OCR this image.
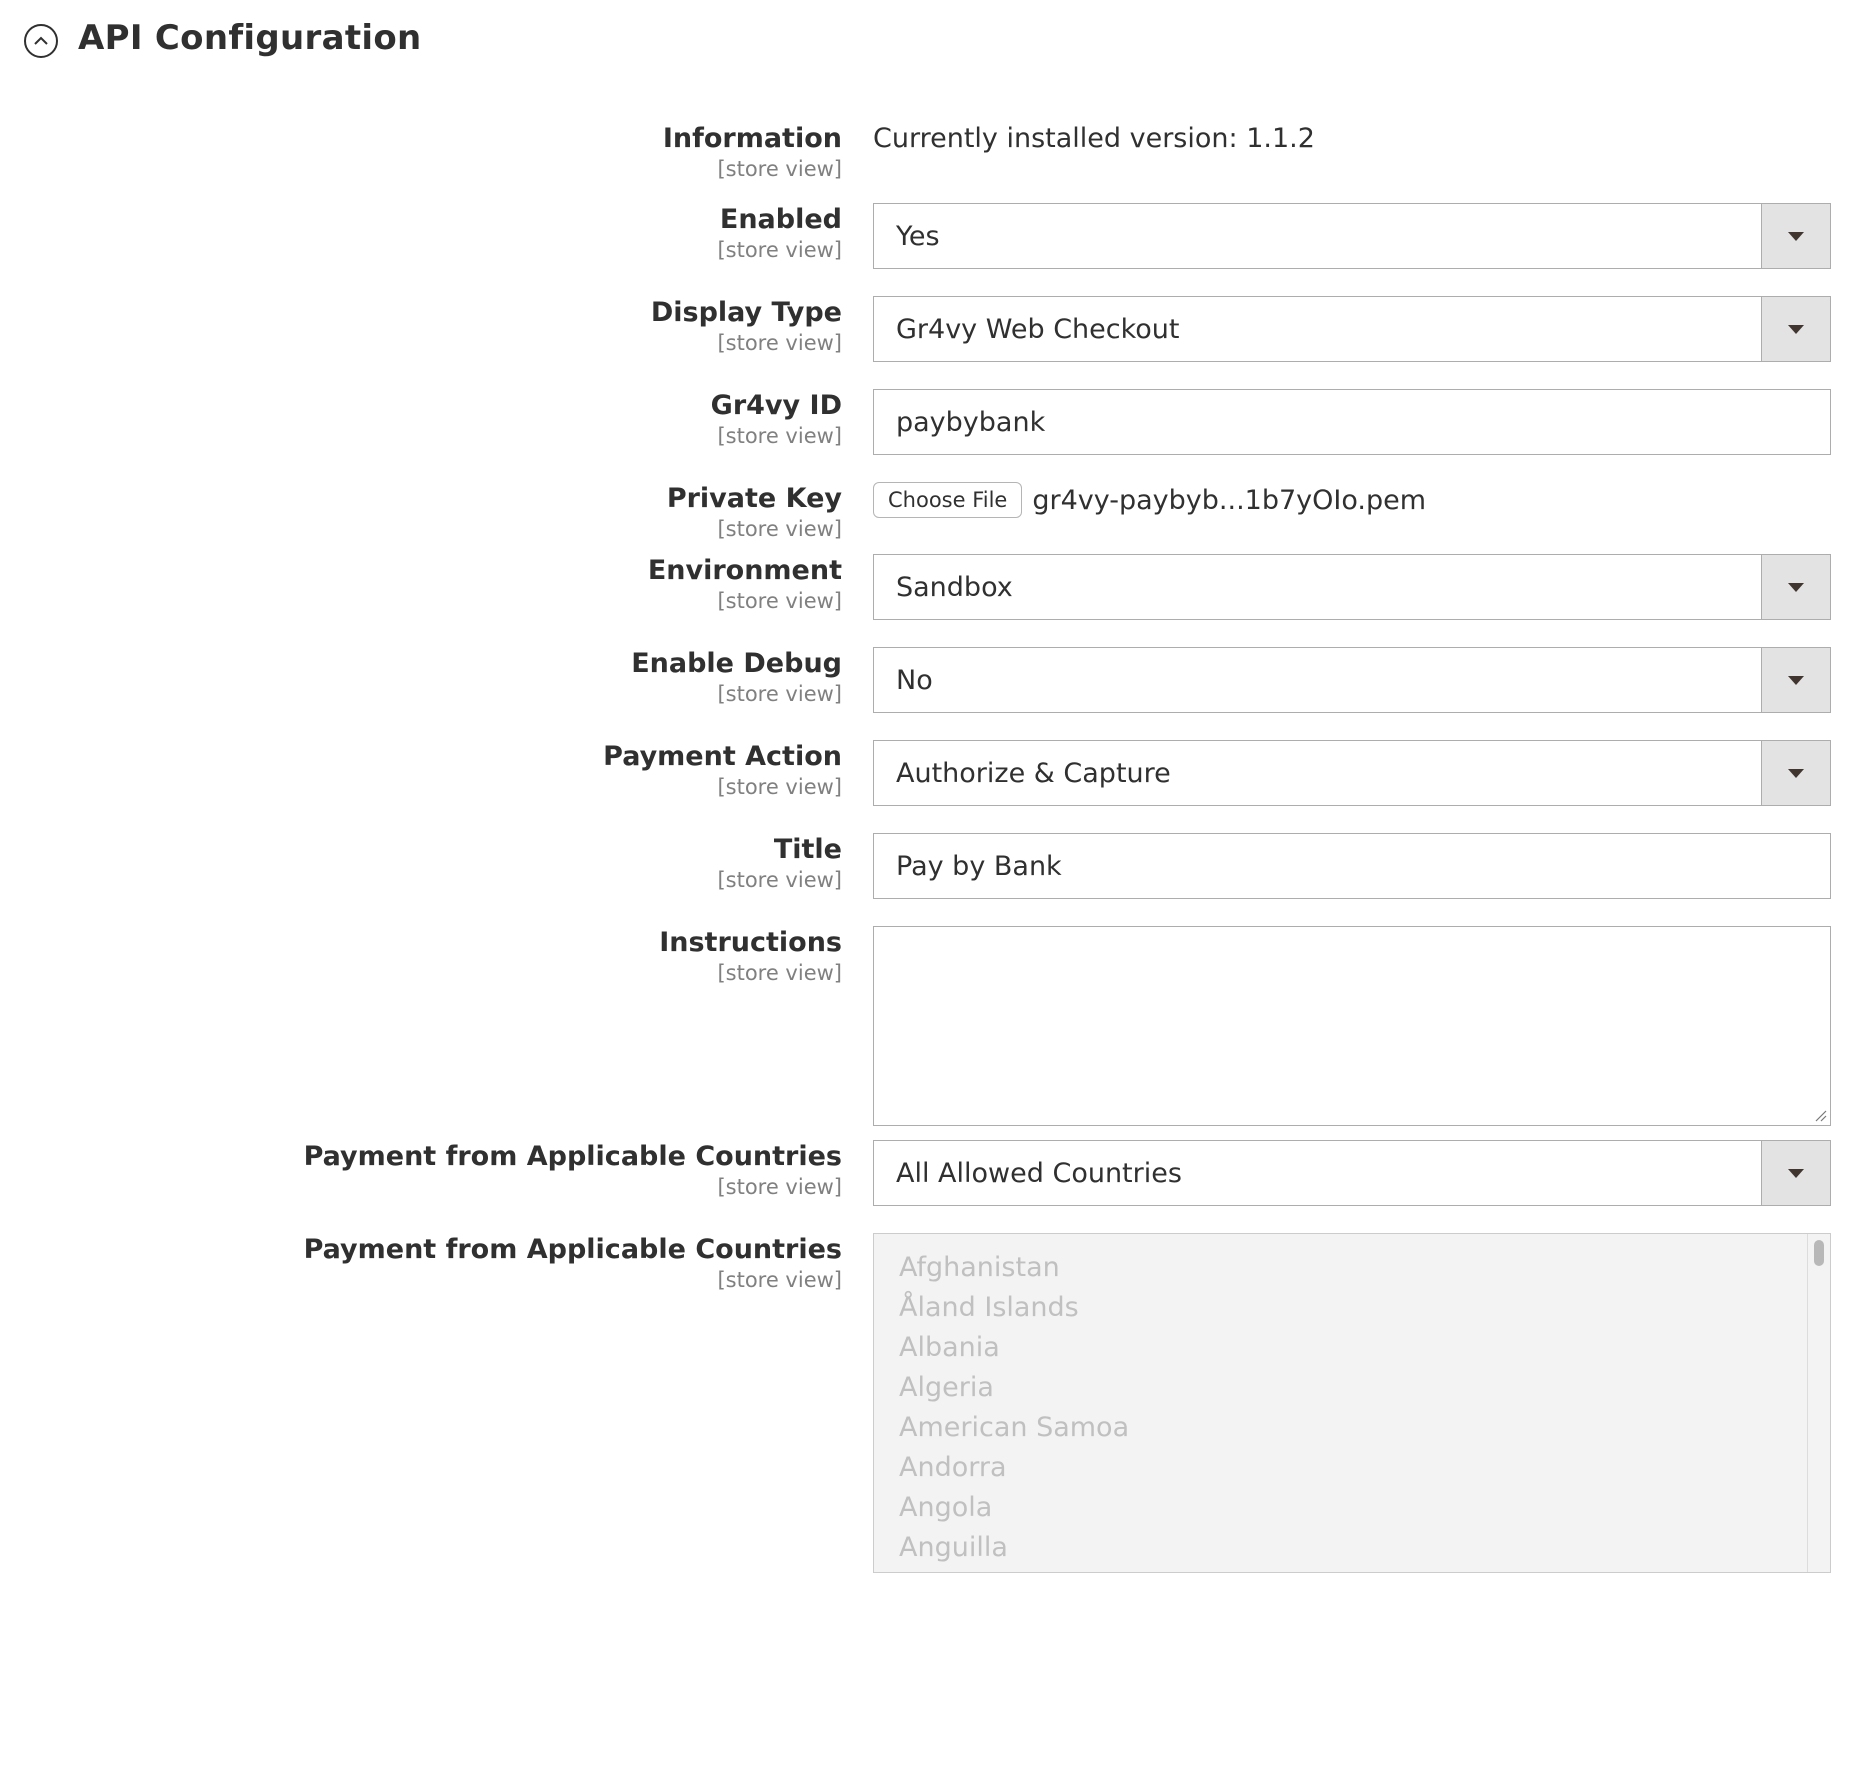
API Configuration
Information
[store view]
Currently installed version: 1.1.2
Enabled
[store view]	Yes
Display Type
[store view]	Gr4vy Web Checkout
Gr4vy ID
[store view]	paybybank
Private Key
[store view]
Choose File gr4vy-paybyb...1b7yOIo.pem
Environment
[store view]	Sandbox
Enable Debug
[store view]	No
Payment Action
[store view]	Authorize & Capture
Title
[store view]	Pay by Bank
Instructions
[store view]
Payment from Applicable Countries
[store view]	All Allowed Countries
Payment from Applicable Countries
[store view] Afghanistan
Åland Islands
Albania
Algeria
American Samoa
Andorra
Angola
Anguilla
